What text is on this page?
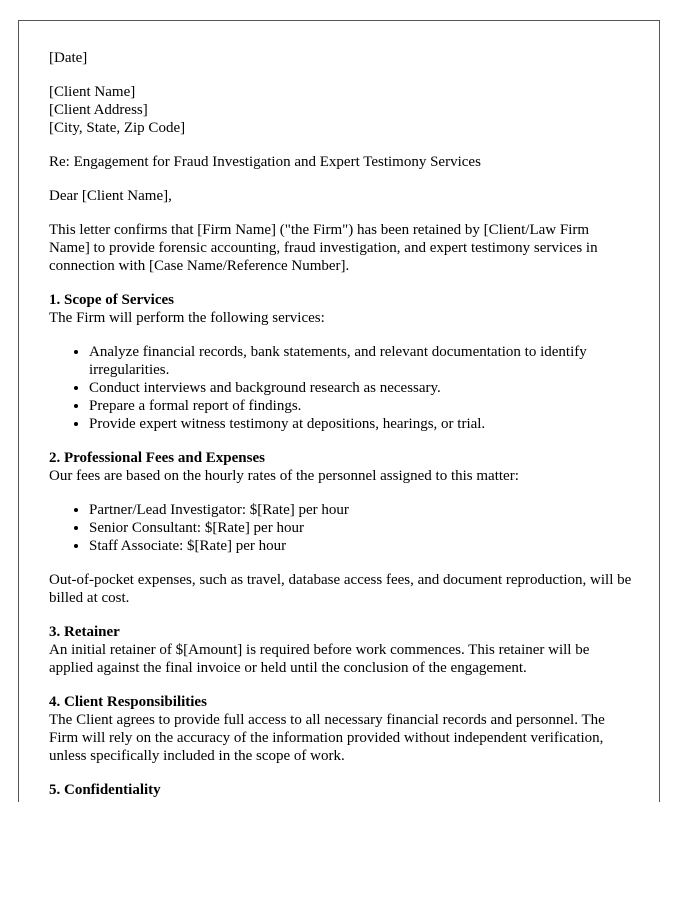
[Date]

[Client Name]

[Client Address]

[City, State, Zip Code]

Re: Engagement for Fraud Investigation and Expert Testimony Services

Dear [Client Name],

This letter confirms that [Firm Name] ("the Firm") has been retained by [Client/Law Firm Name] to provide forensic accounting, fraud investigation, and expert testimony services in connection with [Case Name/Reference Number].

1. Scope of Services

The Firm will perform the following services:

• Analyze financial records, bank statements, and relevant documentation to identify irregularities.
• Conduct interviews and background research as necessary.
• Prepare a formal report of findings.
• Provide expert witness testimony at depositions, hearings, or trial.
2. Professional Fees and Expenses

Our fees are based on the hourly rates of the personnel assigned to this matter:

• Partner/Lead Investigator: $[Rate] per hour
• Senior Consultant: $[Rate] per hour
• Staff Associate: $[Rate] per hour

Out-of-pocket expenses, such as travel, database access fees, and document reproduction, will be billed at cost.

3. Retainer

An initial retainer of $[Amount] is required before work commences. This retainer will be applied against the final invoice or held until the conclusion of the engagement.

4. Client Responsibilities

The Client agrees to provide full access to all necessary financial records and personnel. The Firm will rely on the accuracy of the information provided without independent verification, unless specifically included in the scope of work.

5. Confidentiality
